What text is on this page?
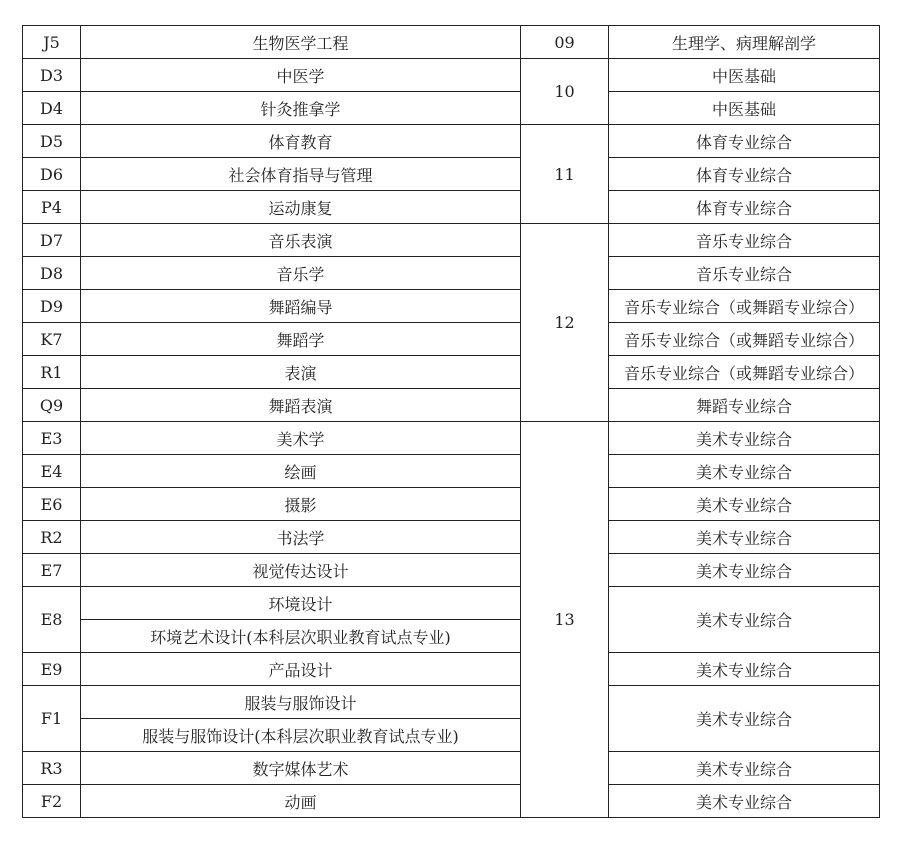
J5	生物医学工程	09	生理学、病理解剖学
D3	中医学	10	中医基础
D4	针灸推拿学		中医基础
D5	体育教育	11	体育专业综合
D6	社会体育指导与管理		体育专业综合
P4	运动康复		体育专业综合
D7	音乐表演	12	音乐专业综合
D8	音乐学		音乐专业综合
D9	舞蹈编导		音乐专业综合（或舞蹈专业综合）
K7	舞蹈学		音乐专业综合（或舞蹈专业综合）
R1	表演		音乐专业综合（或舞蹈专业综合）
Q9	舞蹈表演		舞蹈专业综合
E3	美术学	13	美术专业综合
E4	绘画		美术专业综合
E6	摄影		美术专业综合
R2	书法学		美术专业综合
E7	视觉传达设计		美术专业综合
E8	环境设计		美术专业综合
	环境艺术设计(本科层次职业教育试点专业)		
E9	产品设计		美术专业综合
F1	服装与服饰设计		美术专业综合
	服装与服饰设计(本科层次职业教育试点专业)		
R3	数字媒体艺术		美术专业综合
F2	动画		美术专业综合
